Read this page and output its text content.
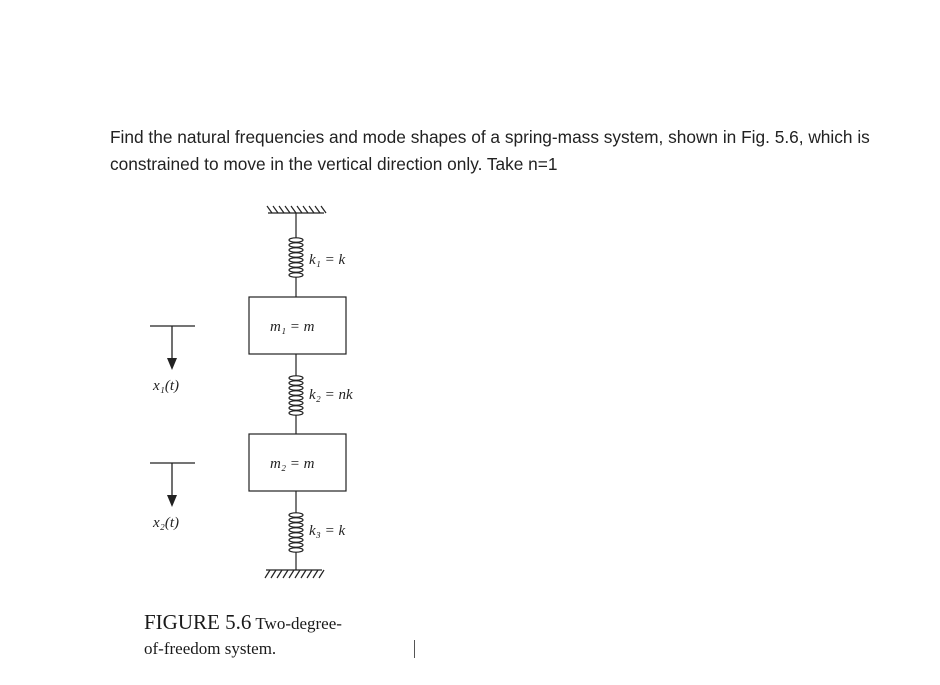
Find the natural frequencies and mode shapes of a spring-mass system, shown in Fig. 5.6, which is
constrained to move in the vertical direction only. Take n=1
k₁ = k
m₁ = m
k₂ = nk
m₂ = m
k₃ = k
x₁(t)
x₂(t)
FIGURE 5.6 Two-degree-
of-freedom system.
